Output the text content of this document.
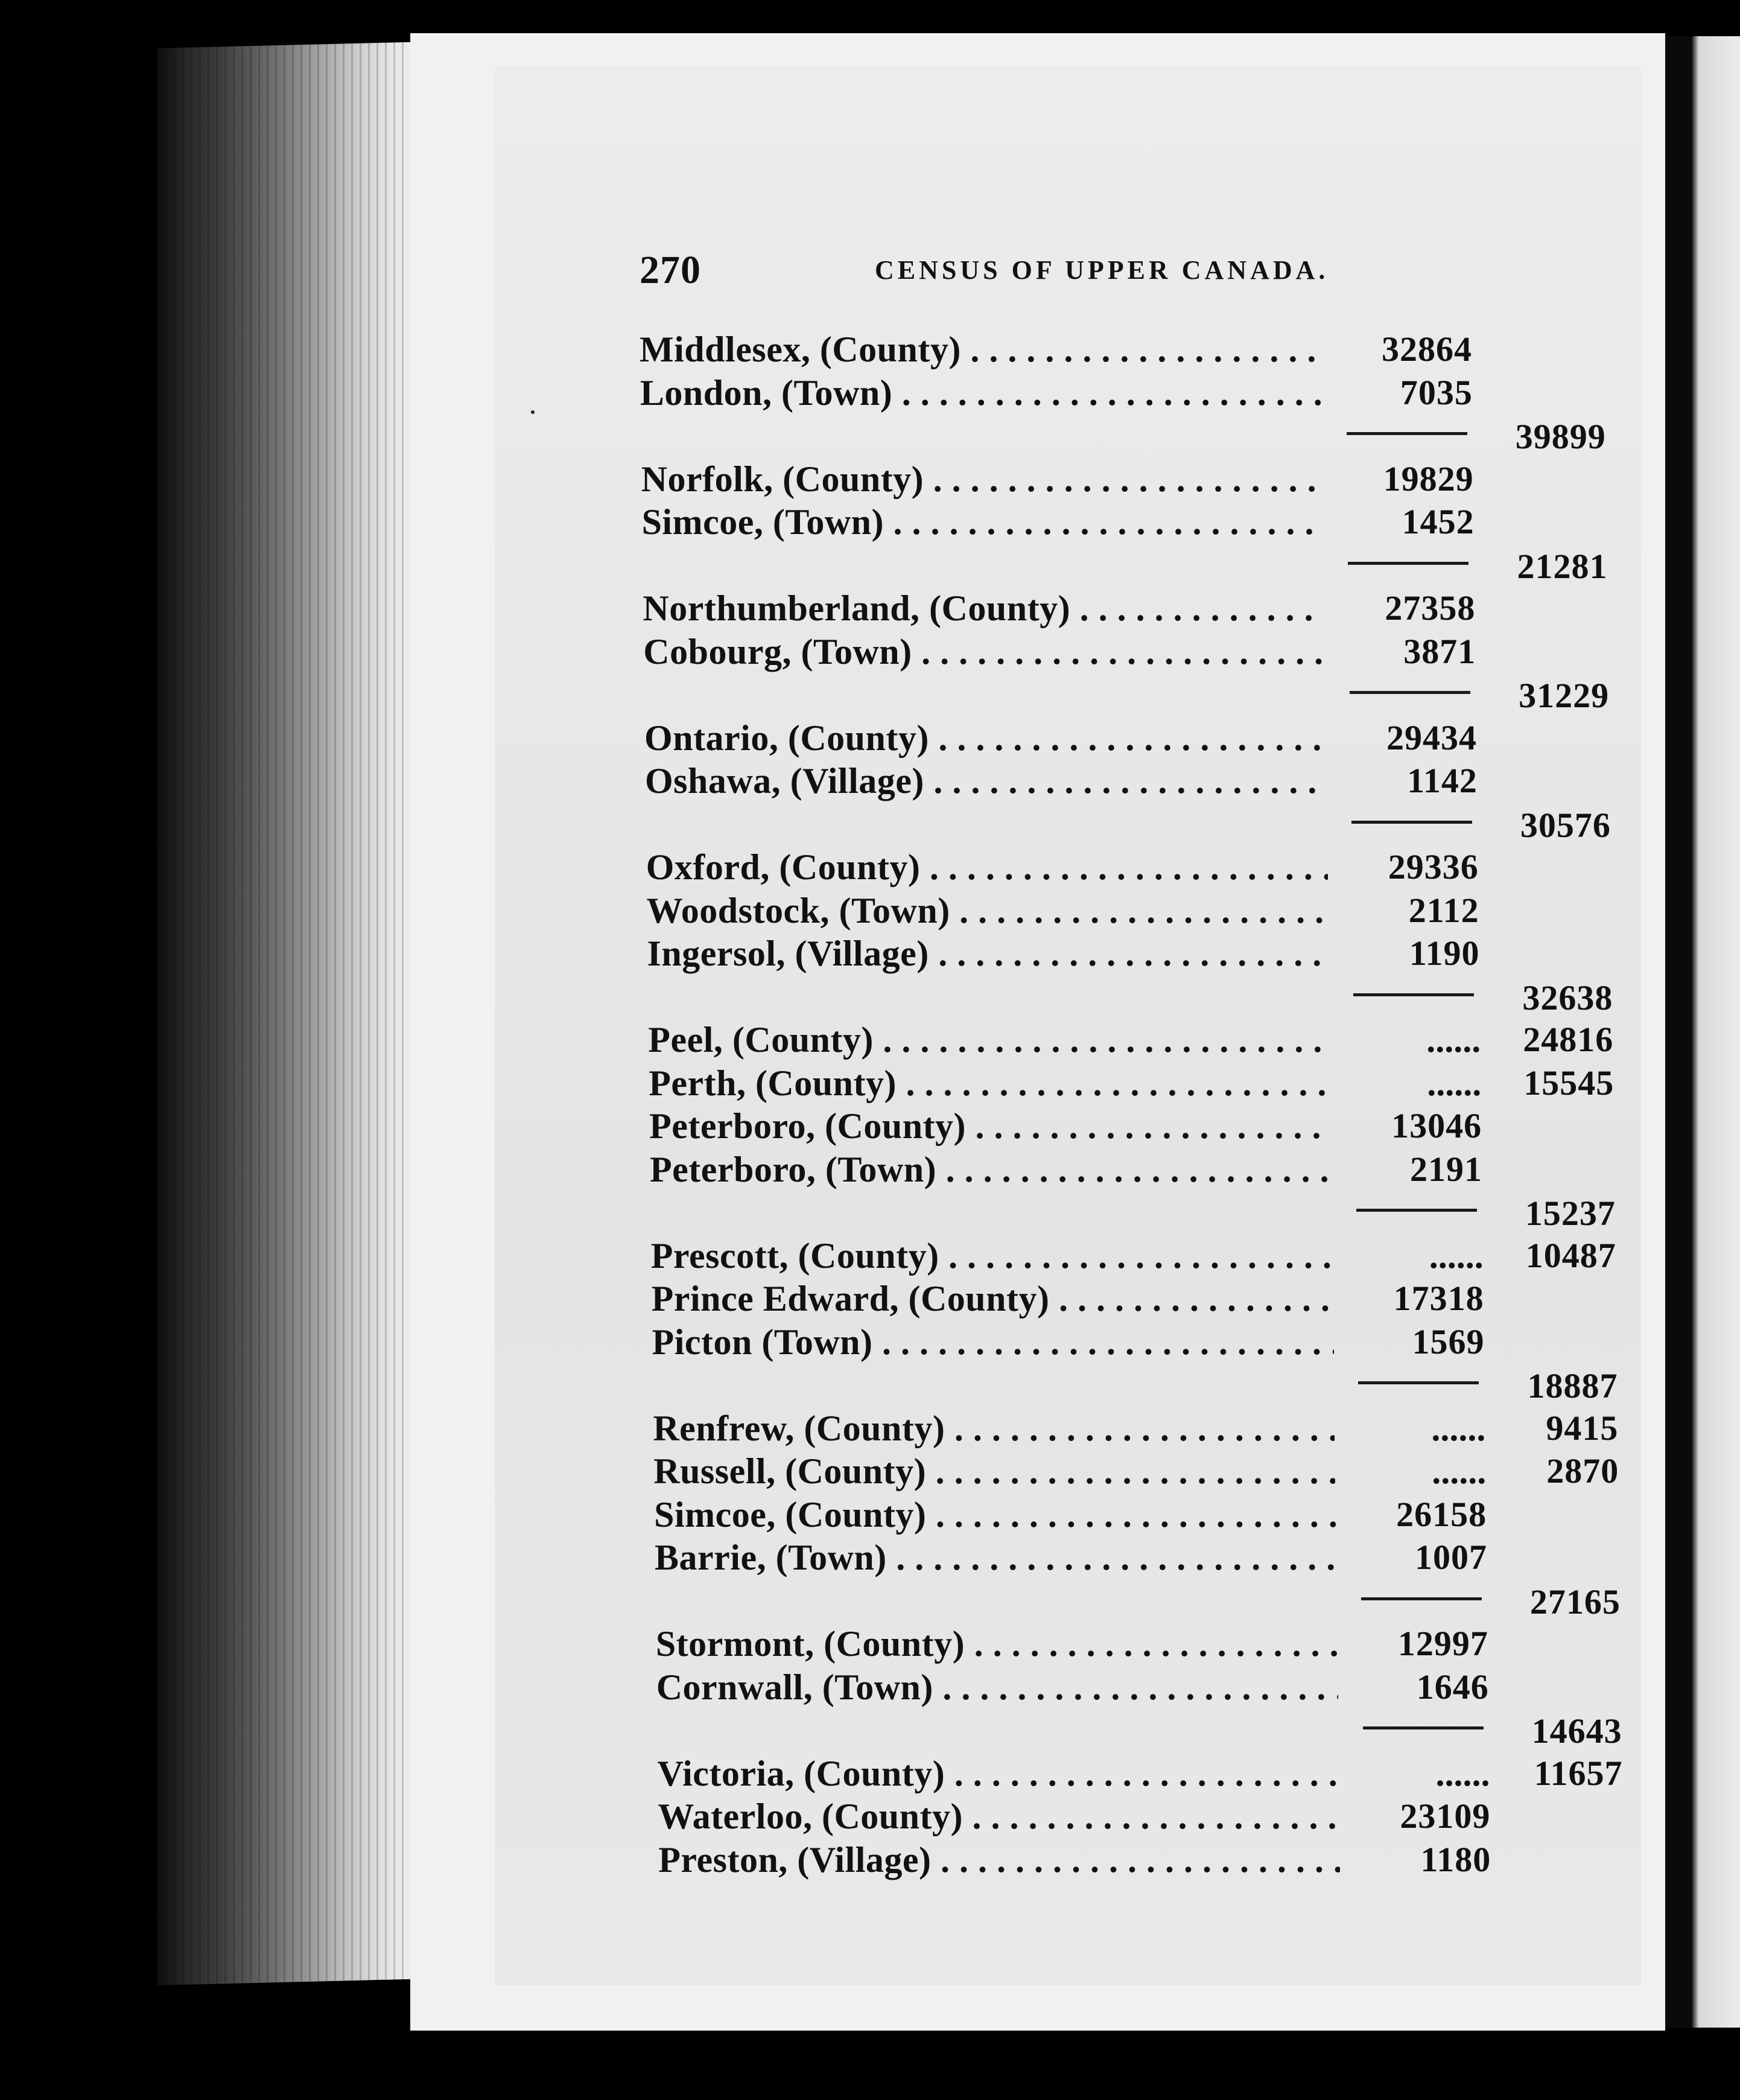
270	CENSUS OF UPPER CANADA.
Middlesex, (County) . . .	32864
London, (Town) . . .	7035
39899
Norfolk, (County) . . .	19829
Simcoe, (Town) . . .	1452
21281
Northumberland, (County) . . .	27358
Cobourg, (Town) . . .	3871
31229
Ontario, (County) . . .	29434
Oshawa, (Village) . . .	1142
30576
Oxford, (County) . . .	29336
Woodstock, (Town) . . .	2112
Ingersol, (Village) . . .	1190
32638
Peel, (County) . . .	......	24816
Perth, (County) . . .	......	15545
Peterboro, (County) . . .	13046
Peterboro, (Town) . . .	2191
15237
Prescott, (County) . . .	......	10487
Prince Edward, (County) . . .	17318
Picton (Town) . . .	1569
18887
Renfrew, (County) . . .	......	9415
Russell, (County) . . .	......	2870
Simcoe, (County) . . .	26158
Barrie, (Town) . . .	1007
27165
Stormont, (County) . . .	12997
Cornwall, (Town) . . .	1646
14643
Victoria, (County) . . .	......	11657
Waterloo, (County) . . .	23109
Preston, (Village) . . .	1180
